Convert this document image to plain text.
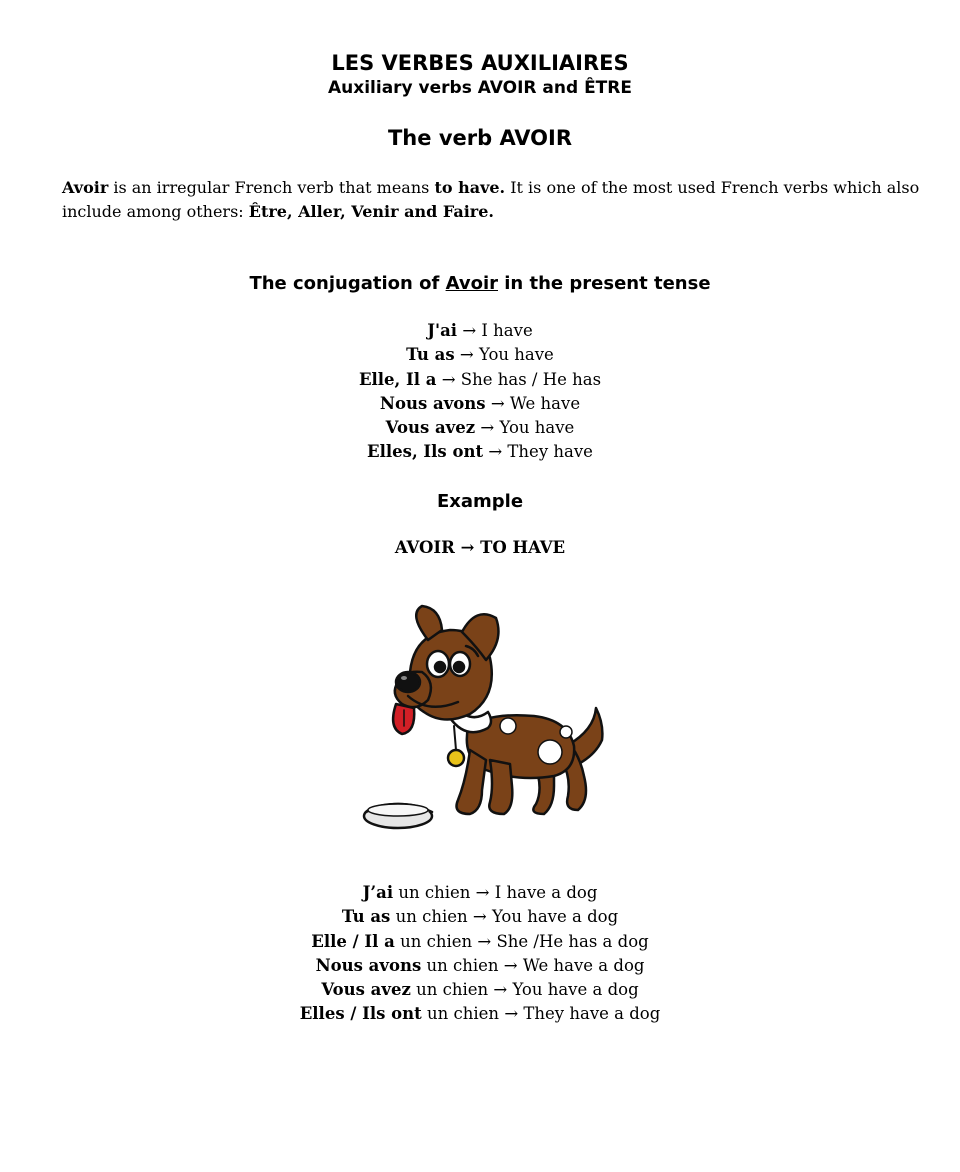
LES VERBES AUXILIAIRES
Auxiliary verbs AVOIR and ÊTRE
The verb AVOIR

Avoir is an irregular French verb that means to have. It is one of the most used French verbs which also include among others: Être, Aller, Venir and Faire.

The conjugation of Avoir in the present tense
J'ai → I have
Tu as → You have
Elle, Il a → She has / He has
Nous avons → We have
Vous avez → You have
Elles, Ils ont → They have
Example
AVOIR → TO HAVE
J’ai un chien → I have a dog
Tu as un chien → You have a dog
Elle / Il a un chien → She /He has a dog
Nous avons un chien → We have a dog
Vous avez un chien → You have a dog
Elles / Ils ont un chien → They have a dog
